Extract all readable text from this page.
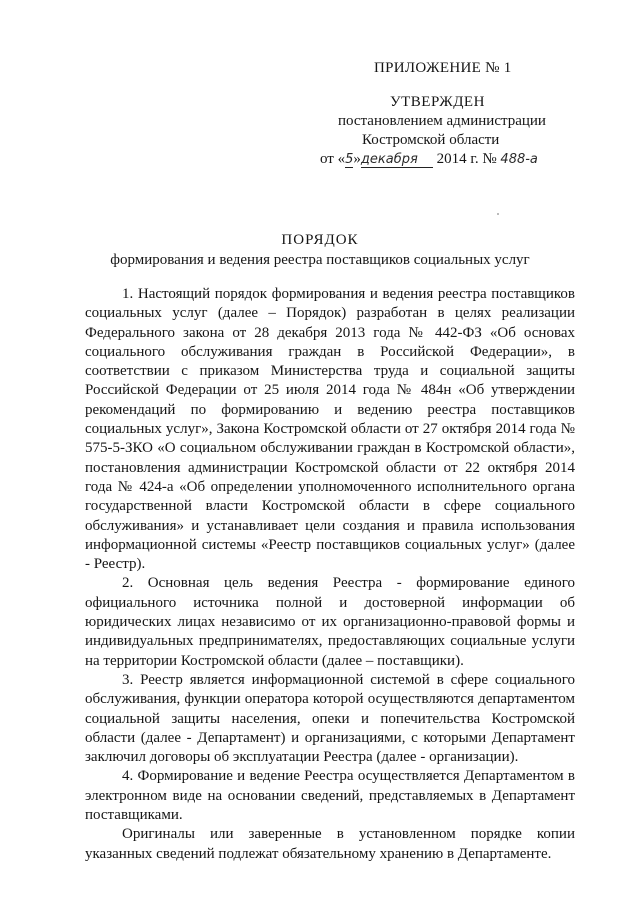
ПРИЛОЖЕНИЕ № 1
УТВЕРЖДЕН
постановлением администрации
Костромской области
от «5»декабря 2014 г. № 488-а

ПОРЯДОК

формирования и ведения реестра поставщиков социальных услуг

1. Настоящий порядок формирования и ведения реестра поставщиков социальных услуг (далее – Порядок) разработан в целях реализации Федерального закона от 28 декабря 2013 года № 442-ФЗ «Об основах социального обслуживания граждан в Российской Федерации», в соответствии с приказом Министерства труда и социальной защиты Российской Федерации от 25 июля 2014 года № 484н «Об утверждении рекомендаций по формированию и ведению реестра поставщиков социальных услуг», Закона Костромской области от 27 октября 2014 года № 575-5-ЗКО «О социальном обслуживании граждан в Костромской области», постановления администрации Костромской области от 22 октября 2014 года № 424-а «Об определении уполномоченного исполнительного органа государственной власти Костромской области в сфере социального обслуживания» и устанавливает цели создания и правила использования информационной системы «Реестр поставщиков социальных услуг» (далее - Реестр).

2. Основная цель ведения Реестра - формирование единого официального источника полной и достоверной информации об юридических лицах независимо от их организационно-правовой формы и индивидуальных предпринимателях, предоставляющих социальные услуги на территории Костромской области (далее – поставщики).

3. Реестр является информационной системой в сфере социального обслуживания, функции оператора которой осуществляются департаментом социальной защиты населения, опеки и попечительства Костромской области (далее - Департамент) и организациями, с которыми Департамент заключил договоры об эксплуатации Реестра (далее - организации).

4. Формирование и ведение Реестра осуществляется Департаментом в электронном виде на основании сведений, представляемых в Департамент поставщиками.

Оригиналы или заверенные в установленном порядке копии указанных сведений подлежат обязательному хранению в Департаменте.
